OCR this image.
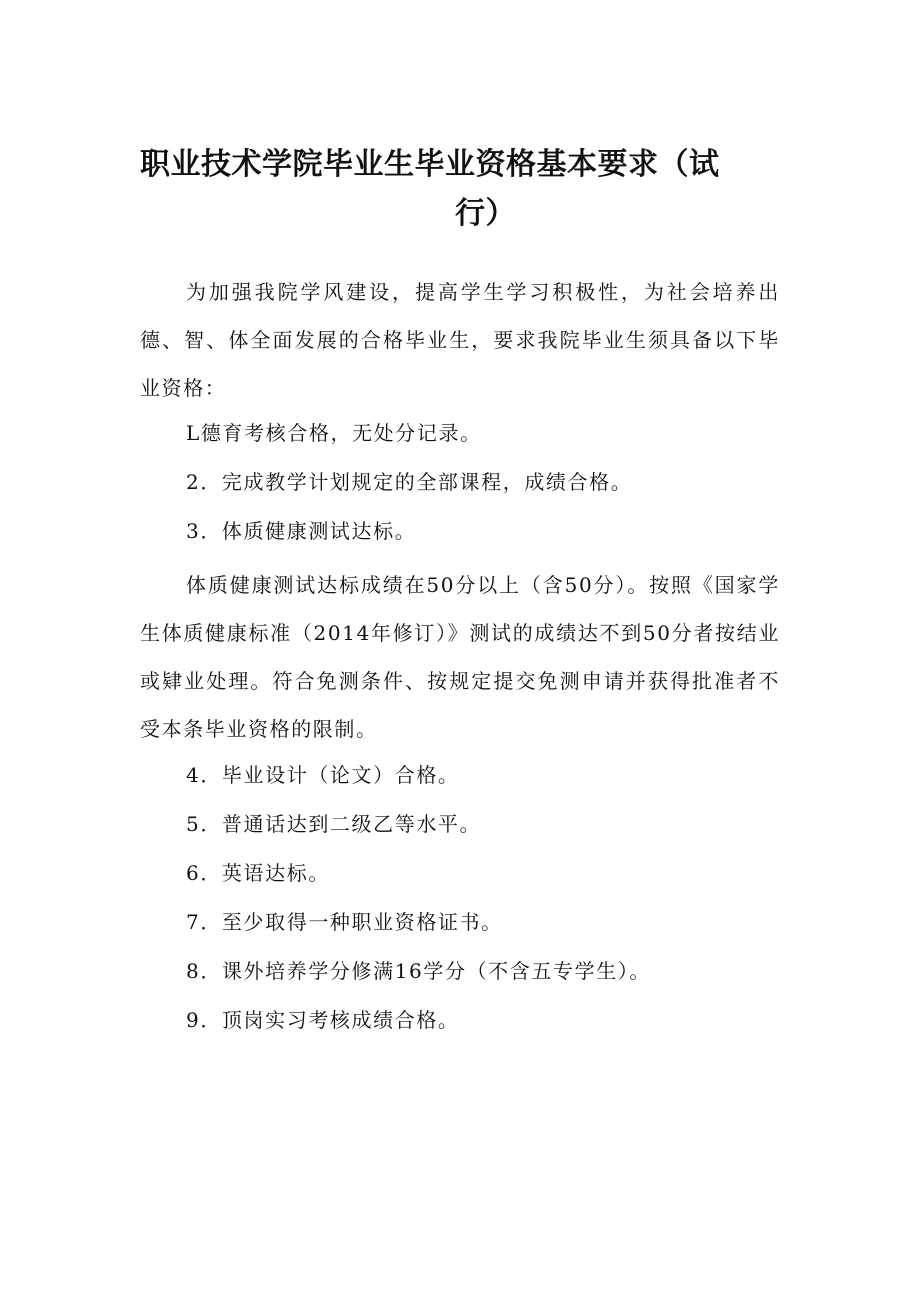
职业技术学院毕业生毕业资格基本要求（试
行）

为加强我院学风建设，提高学生学习积极性，为社会培养出德、智、体全面发展的合格毕业生，要求我院毕业生须具备以下毕业资格：

L德育考核合格，无处分记录。
2．完成教学计划规定的全部课程，成绩合格。
3．体质健康测试达标。

体质健康测试达标成绩在50分以上（含50分）。按照《国家学生体质健康标准（2014年修订）》测试的成绩达不到50分者按结业或肄业处理。符合免测条件、按规定提交免测申请并获得批准者不受本条毕业资格的限制。

4．毕业设计（论文）合格。
5．普通话达到二级乙等水平。
6．英语达标。
7．至少取得一种职业资格证书。
8．课外培养学分修满16学分（不含五专学生）。
9．顶岗实习考核成绩合格。
